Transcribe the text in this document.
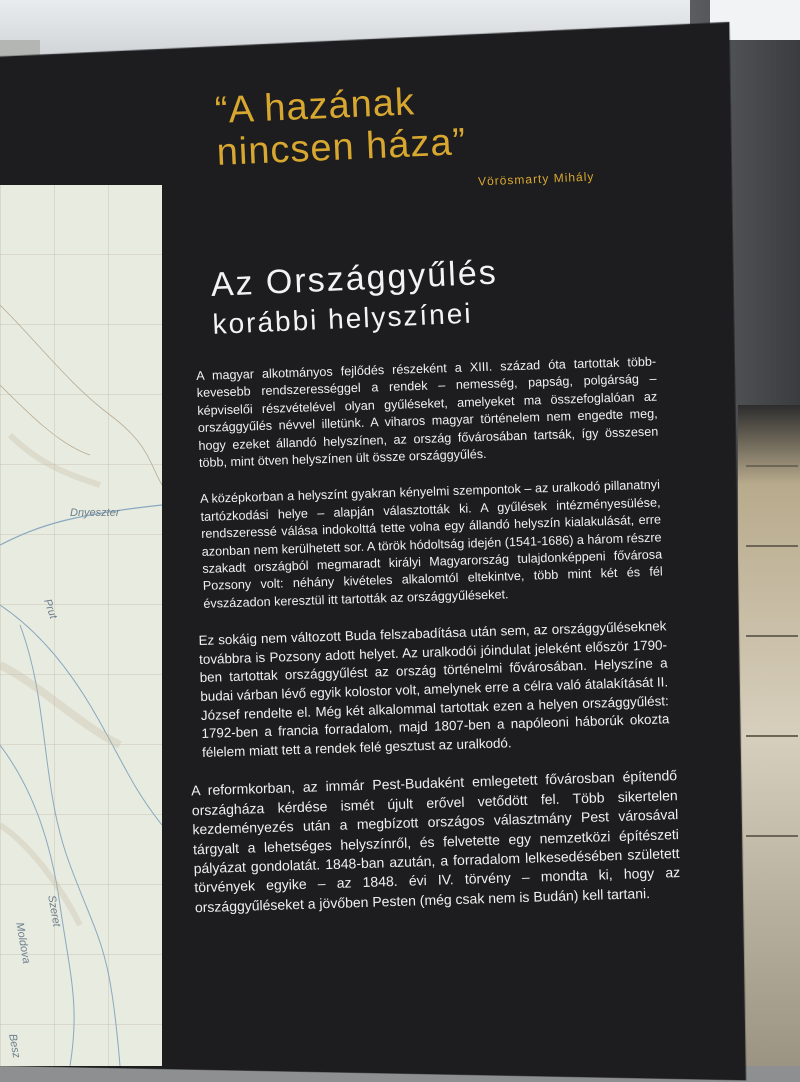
Dnyeszter
Prut
Szeret
Moldova
Besz
“A hazának
nincsen háza”
Vörösmarty Mihály
Az Országgyűlés
korábbi helyszínei

A magyar alkotmányos fejlődés részeként a XIII. század óta tartottak több-kevesebb rendszerességgel a rendek – nemesség, papság, polgárság – képviselői részvételével olyan gyűléseket, amelyeket ma összefoglalóan az országgyűlés névvel illetünk. A viharos magyar történelem nem engedte meg, hogy ezeket állandó helyszínen, az ország fővárosában tartsák, így összesen több, mint ötven helyszínen ült össze országgyűlés.

A középkorban a helyszínt gyakran kényelmi szempontok – az uralkodó pillanatnyi tartózkodási helye – alapján választották ki. A gyűlések intézményesülése, rendszeressé válása indokolttá tette volna egy állandó helyszín kialakulását, erre azonban nem kerülhetett sor. A török hódoltság idején (1541-1686) a három részre szakadt országból megmaradt királyi Magyarország tulajdonképpeni fővárosa Pozsony volt: néhány kivételes alkalomtól eltekintve, több mint két és fél évszázadon keresztül itt tartották az országgyűléseket.

Ez sokáig nem változott Buda felszabadítása után sem, az országgyűléseknek továbbra is Pozsony adott helyet. Az uralkodói jóindulat jeleként először 1790-ben tartottak országgyűlést az ország történelmi fővárosában. Helyszíne a budai várban lévő egyik kolostor volt, amelynek erre a célra való átalakítását II. József rendelte el. Még két alkalommal tartottak ezen a helyen országgyűlést: 1792-ben a francia forradalom, majd 1807-ben a napóleoni háborúk okozta félelem miatt tett a rendek felé gesztust az uralkodó.

A reformkorban, az immár Pest-Budaként emlegetett fővárosban építendő országháza kérdése ismét újult erővel vetődött fel. Több sikertelen kezdeményezés után a megbízott országos választmány Pest városával tárgyalt a lehetséges helyszínről, és felvetette egy nemzetközi építészeti pályázat gondolatát. 1848-ban azután, a forradalom lelkesedésében született törvények egyike – az 1848. évi IV. törvény – mondta ki, hogy az országgyűléseket a jövőben Pesten (még csak nem is Budán) kell tartani.
